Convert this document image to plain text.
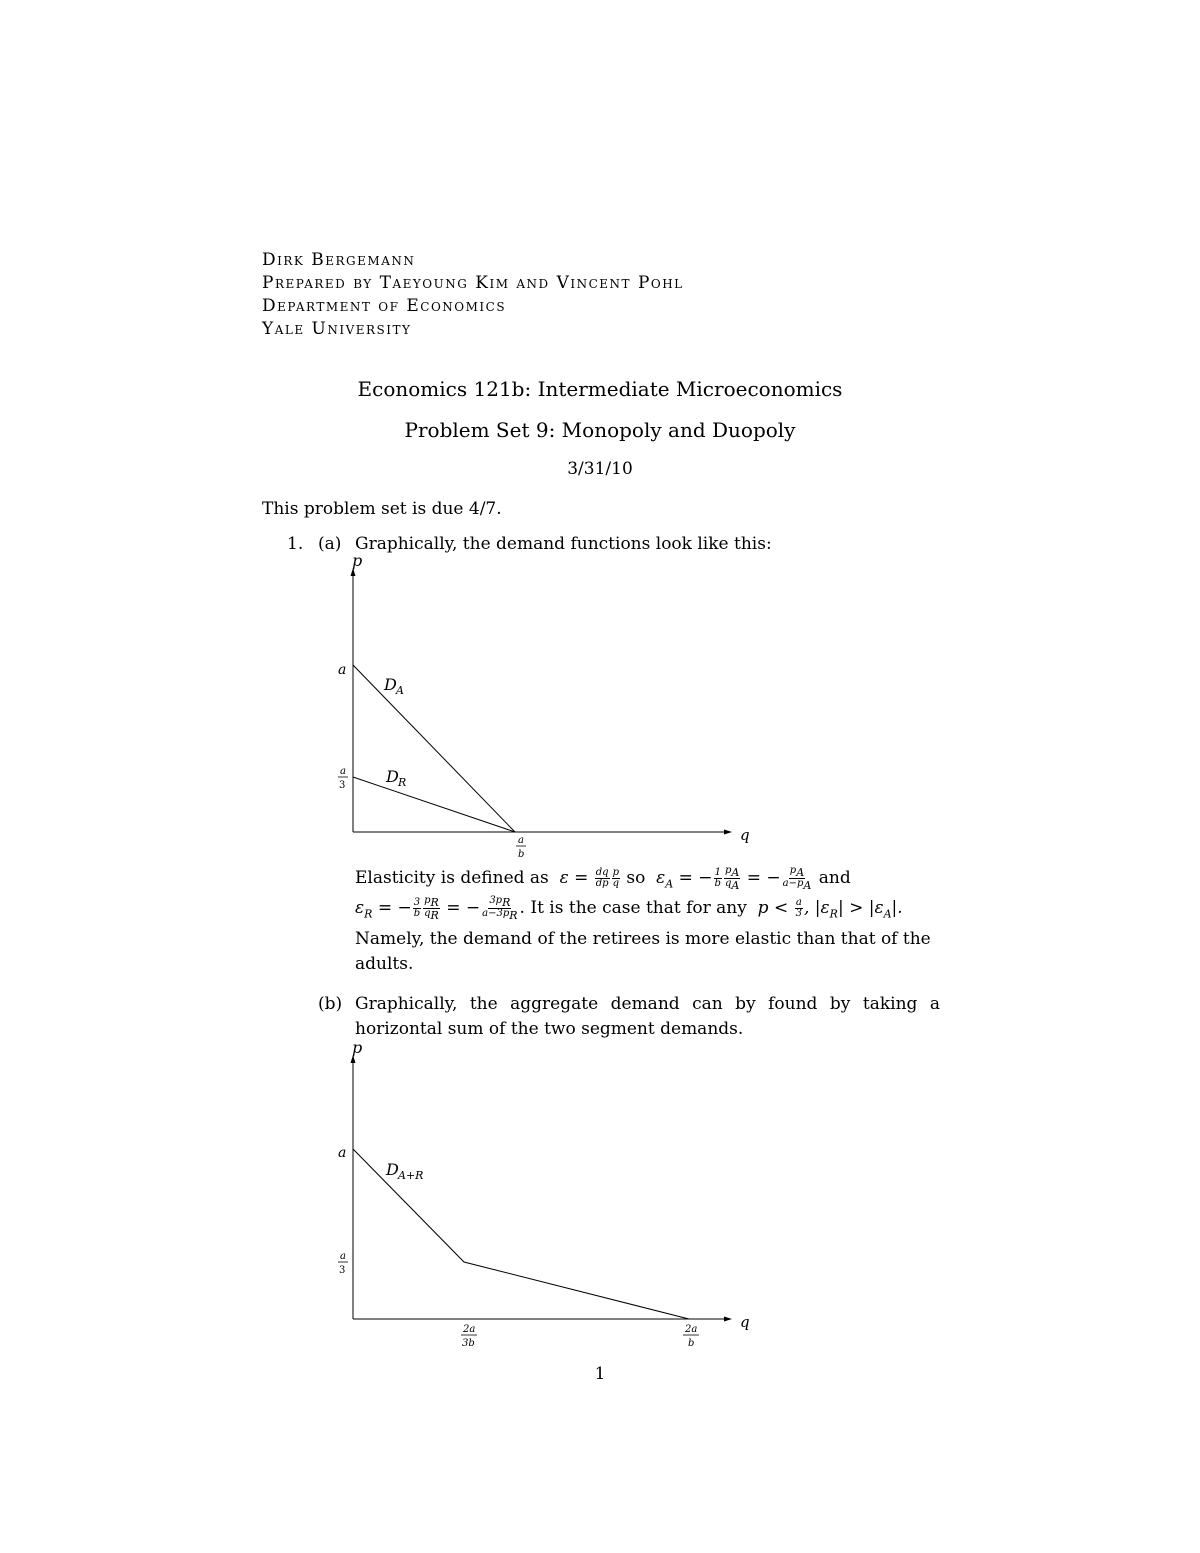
Dirk Bergemann
Prepared by Taeyoung Kim and Vincent Pohl
Department of Economics
Yale University
Economics 121b: Intermediate Microeconomics
Problem Set 9: Monopoly and Duopoly
3/31/10
This problem set is due 4/7.
1. (a) Graphically, the demand functions look like this:
p
q
a
a
3
a
b
D A
D R
Elasticity is defined as  $\varepsilon = \frac{dq}{dp} \frac{p}{q}$ so  $\varepsilon_A$ = − $\frac{1}{b} \frac{p_A}{q_A}$ = − $\frac{p_A}{a-p_A}$ and
$\varepsilon_R$ = − $\frac{3}{b} \frac{p_R}{q_R}$ = − $\frac{3p_R}{a-3p_R}$ . It is the case that for any  $p < \frac{a}{3}$ , $|\varepsilon_R| > |\varepsilon_A|$.
Namely, the demand of the retirees is more elastic than that of the adults.
(b) Graphically, the aggregate demand can by found by taking a horizontal sum of the two segment demands.
p
q
a
a
3
2a
3b
2a
b
D A+R
1
